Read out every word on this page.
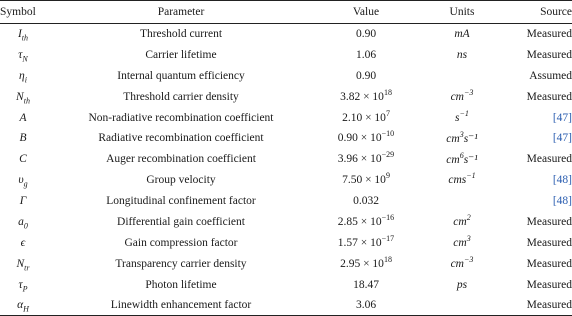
Symbol	Parameter	Value	Units	Source
$I_{th}$	Threshold current	0.90	mA	Measured
$\tau_N$	Carrier lifetime	1.06	ns	Measured
$\eta_i$	Internal quantum efficiency	0.90		Assumed
$N_{th}$	Threshold carrier density	$3.82 \times 10^{18}$	$cm^{-3}$	Measured
A	Non-radiative recombination coefficient	$2.10 \times 10^7$	$s^{-1}$	[47]
B	Radiative recombination coefficient	$0.90 \times 10^{-10}$	$cm^3s^{-1}$	[47]
C	Auger recombination coefficient	$3.96 \times 10^{-29}$	$cm^6s^{-1}$	Measured
$\upsilon_g$	Group velocity	$7.50 \times 10^9$	cms$^{-1}$	[48]
Γ	Longitudinal confinement factor	0.032		[48]
$a_0$	Differential gain coefficient	$2.85 \times 10^{-16}$	$cm^2$	Measured
ϵ	Gain compression factor	$1.57 \times 10^{-17}$	$cm^3$	Measured
$N_{tr}$	Transparency carrier density	$2.95 \times 10^{18}$	$cm^{-3}$	Measured
$\tau_P$	Photon lifetime	18.47	ps	Measured
$\alpha_H$	Linewidth enhancement factor	3.06		Measured
